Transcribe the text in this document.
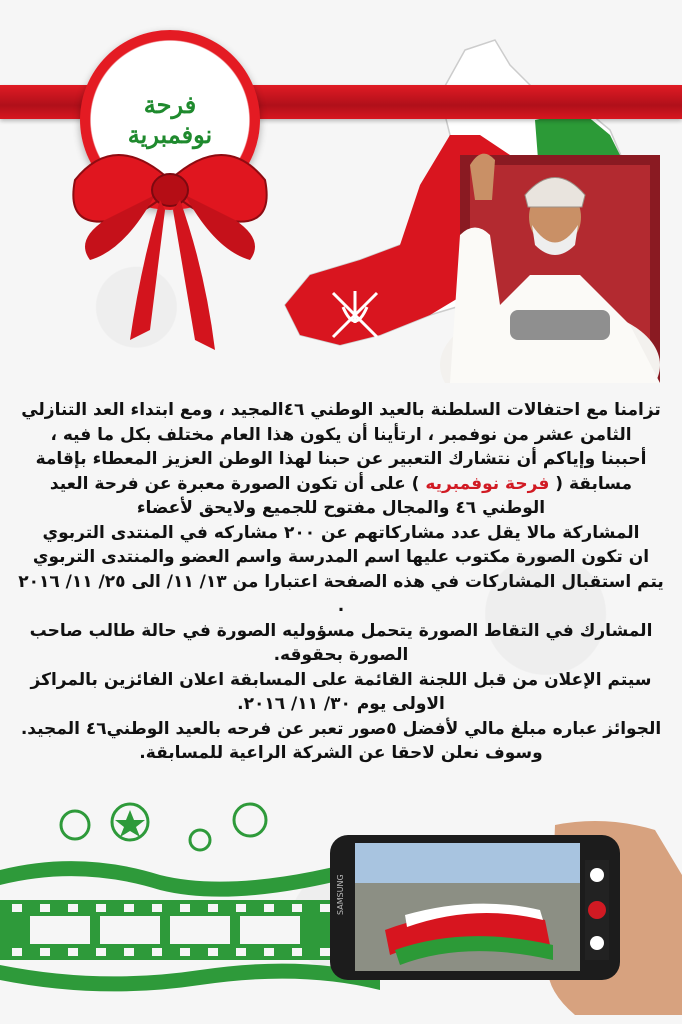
فرحة
نوفمبرية

تزامنا مع احتفالات السلطنة بالعيد الوطني ٤٦المجيد ، ومع ابتداء العد التنازلي

الثامن عشر من نوفمبر ، ارتأينا أن يكون هذا العام مختلف بكل ما فيه ،

أحببنا وإياكم أن نتشارك التعبير عن حبنا لهذا الوطن العزيز المعطاء بإقامة

مسابقة ( فرحة نوفمبريه ) على أن تكون الصورة معبرة عن فرحة العيد

الوطني ٤٦ والمجال مفتوح للجميع ولايحق لأعضاء

المشاركة مالا يقل عدد مشاركاتهم عن ٢٠٠ مشاركه في المنتدى التربوي

ان تكون الصورة مكتوب عليها اسم المدرسة واسم العضو والمنتدى التربوي

يتم استقبال المشاركات في هذه الصفحة اعتبارا من ١٣/ ١١/ الى ٢٥/ ١١/ ٢٠١٦ .

المشارك في التقاط الصورة يتحمل مسؤوليه الصورة في حالة طالب صاحب

الصورة بحقوقه.

سيتم الإعلان من قبل اللجنة القائمة على المسابقة اعلان الفائزين بالمراكز

الاولى يوم ٣٠/ ١١/ ٢٠١٦.

الجوائز عباره مبلغ مالي لأفضل ٥صور تعبر عن فرحه بالعيد الوطني٤٦ المجيد.

وسوف نعلن لاحقا عن الشركة الراعية للمسابقة.

SAMSUNG
